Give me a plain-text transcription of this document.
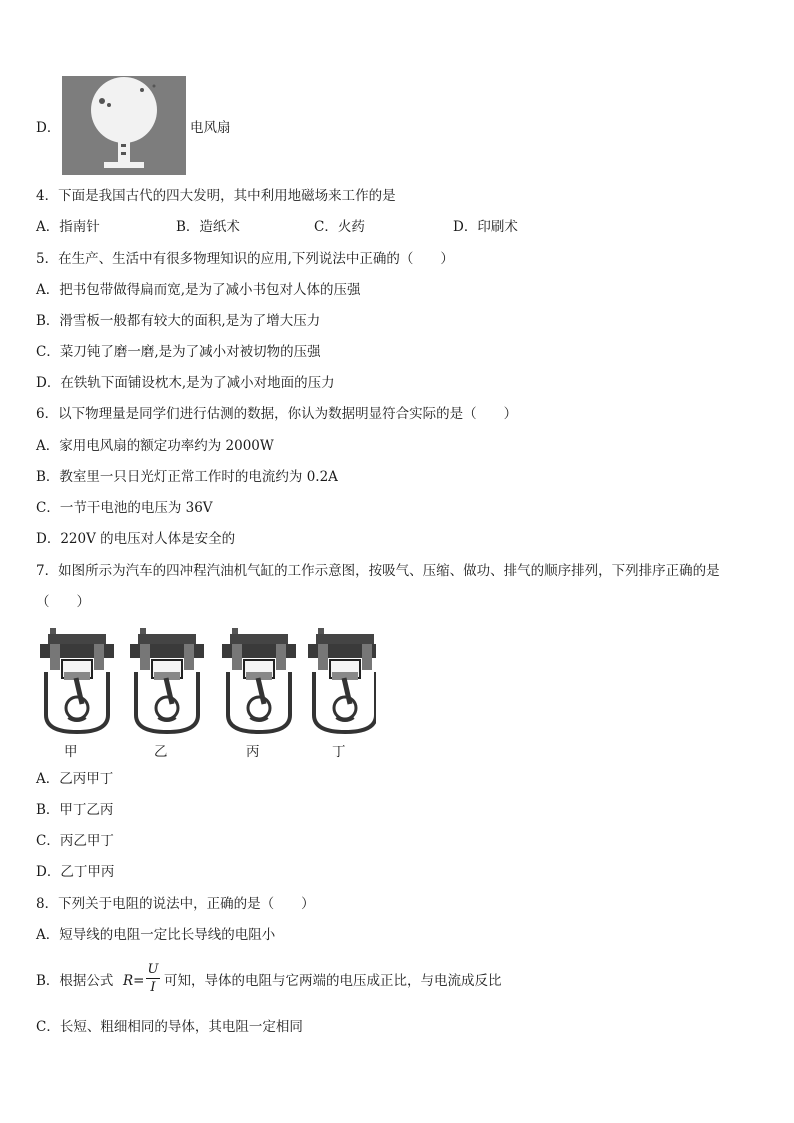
D．	电风扇
4．下面是我国古代的四大发明，其中利用地磁场来工作的是
A．指南针	B．造纸术	C．火药	D．印刷术
5．在生产、生活中有很多物理知识的应用,下列说法中正确的（　　）
A．把书包带做得扁而宽,是为了减小书包对人体的压强
B．滑雪板一般都有较大的面积,是为了增大压力
C．菜刀钝了磨一磨,是为了减小对被切物的压强
D．在铁轨下面铺设枕木,是为了减小对地面的压力
6．以下物理量是同学们进行估测的数据，你认为数据明显符合实际的是（　　）
A．家用电风扇的额定功率约为 2000W
B．教室里一只日光灯正常工作时的电流约为 0.2A
C．一节干电池的电压为 36V
D．220V 的电压对人体是安全的
7．如图所示为汽车的四冲程汽油机气缸的工作示意图，按吸气、压缩、做功、排气的顺序排列，下列排序正确的是
（　　）
甲	乙	丙	丁
A．乙丙甲丁
B．甲丁乙丙
C．丙乙甲丁
D．乙丁甲丙
8．下列关于电阻的说法中，正确的是（　　）
A．短导线的电阻一定比长导线的电阻小
B．根据公式 R=
U
I 可知，导体的电阻与它两端的电压成正比，与电流成反比
C．长短、粗细相同的导体，其电阻一定相同
